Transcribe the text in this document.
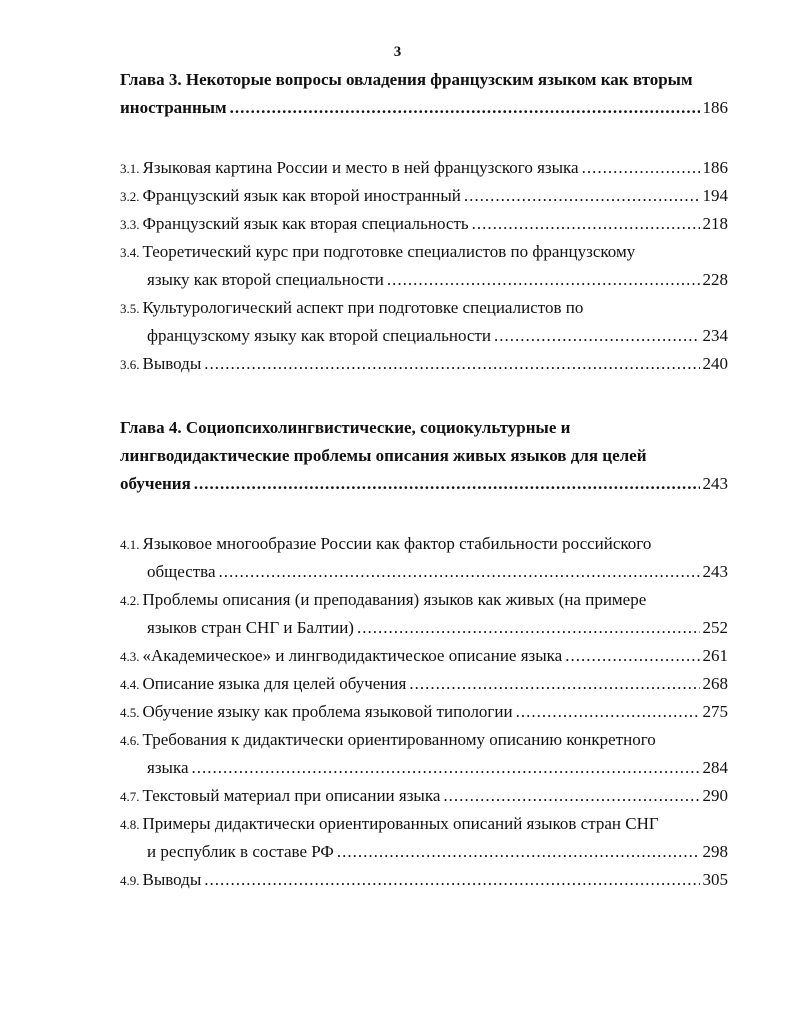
3
Глава 3. Некоторые вопросы овладения французским языком как вторым
иностранным .....	186
3.1. Языковая картина России и место в ней французского языка .....	186
3.2. Французский язык как второй иностранный .....	194
3.3. Французский язык как вторая специальность .....	218
3.4. Теоретический курс при подготовке специалистов по французскому
языку как второй специальности .....	228
3.5. Культурологический аспект при подготовке специалистов по
французскому языку как второй специальности .....	234
3.6. Выводы .....	240
Глава 4. Социопсихолингвистические, социокультурные и
лингводидактические проблемы описания живых языков для целей
обучения .....	243
4.1. Языковое многообразие России как фактор стабильности российского
общества .....	243
4.2. Проблемы описания (и преподавания) языков как живых (на примере
языков стран СНГ и Балтии) .....	252
4.3. «Академическое» и лингводидактическое описание языка .....	261
4.4. Описание языка для целей обучения .....	268
4.5. Обучение языку как проблема языковой типологии .....	275
4.6. Требования к дидактически ориентированному описанию конкретного
языка .....	284
4.7. Текстовый материал при описании языка .....	290
4.8. Примеры дидактически ориентированных описаний языков стран СНГ
и республик в составе РФ .....	298
4.9. Выводы .....	305
